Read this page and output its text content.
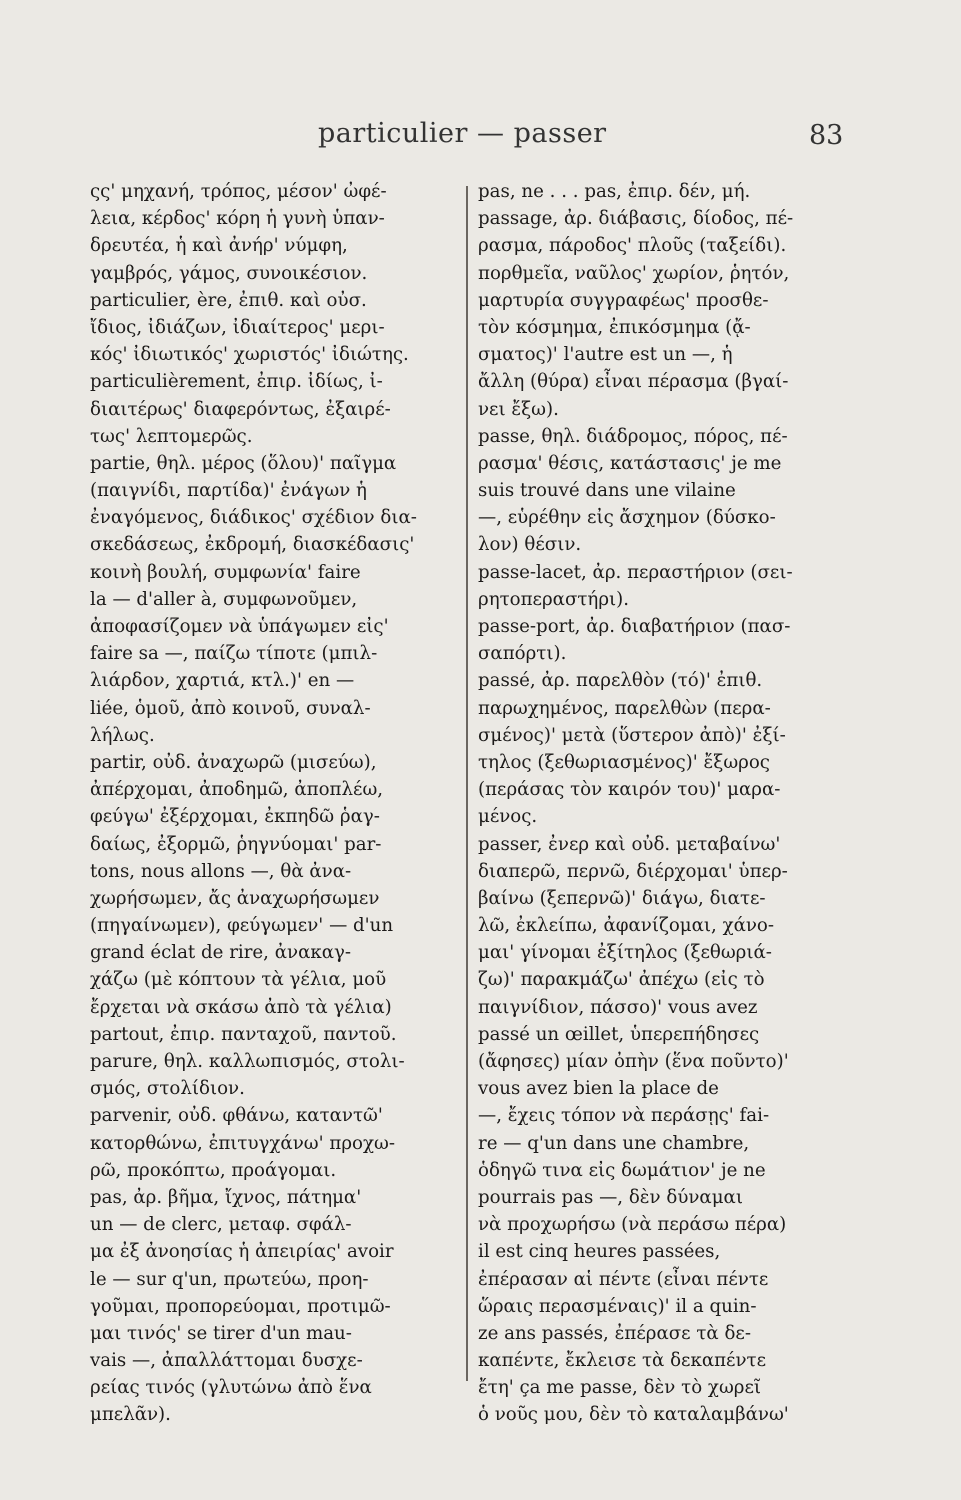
particulier — passer	83
ςς' μηχανή, τρόπος, μέσον' ὠφέ-
λεια, κέρδος' κόρη ἡ γυνὴ ὑπαν-
δρευτέα, ἡ καὶ ἀνήρ' νύμφη,
γαμβρός, γάμος, συνοικέσιον.
particulier, ère, ἐπιθ. καὶ οὐσ.
ἴδιος, ἰδιάζων, ἰδιαίτερος' μερι-
κός' ἰδιωτικός' χωριστός' ἰδιώτης.
particulièrement, ἐπιρ. ἰδίως, ἰ-
διαιτέρως' διαφερόντως, ἐξαιρέ-
τως' λεπτομερῶς.
partie, θηλ. μέρος (ὅλου)' παῖγμα
(παιγνίδι, παρτίδα)' ἐνάγων ἡ
ἐναγόμενος, διάδικος' σχέδιον δια-
σκεδάσεως, ἐκδρομή, διασκέδασις'
κοινὴ βουλή, συμφωνία' faire
la — d'aller à, συμφωνοῦμεν,
ἀποφασίζομεν νὰ ὑπάγωμεν εἰς'
faire sa —, παίζω τίποτε (μπιλ-
λιάρδον, χαρτιά, κτλ.)' en —
liée, ὁμοῦ, ἀπὸ κοινοῦ, συναλ-
λήλως.
partir, οὐδ. ἀναχωρῶ (μισεύω),
ἀπέρχομαι, ἀποδημῶ, ἀποπλέω,
φεύγω' ἐξέρχομαι, ἐκπηδῶ ῥαγ-
δαίως, ἐξορμῶ, ῥηγνύομαι' par-
tons, nous allons —, θὰ ἀνα-
χωρήσωμεν, ἄς ἀναχωρήσωμεν
(πηγαίνωμεν), φεύγωμεν' — d'un
grand éclat de rire, ἀνακαγ-
χάζω (μὲ κόπτουν τὰ γέλια, μοῦ
ἔρχεται νὰ σκάσω ἀπὸ τὰ γέλια)
partout, ἐπιρ. πανταχοῦ, παντοῦ.
parure, θηλ. καλλωπισμός, στολι-
σμός, στολίδιον.
parvenir, οὐδ. φθάνω, καταντῶ'
κατορθώνω, ἐπιτυγχάνω' προχω-
ρῶ, προκόπτω, προάγομαι.
pas, ἀρ. βῆμα, ἴχνος, πάτημα'
un — de clerc, μεταφ. σφάλ-
μα ἐξ ἀνοησίας ἡ ἀπειρίας' avoir
le — sur q'un, πρωτεύω, προη-
γοῦμαι, προπορεύομαι, προτιμῶ-
μαι τινός' se tirer d'un mau-
vais —, ἀπαλλάττομαι δυσχε-
ρείας τινός (γλυτώνω ἀπὸ ἕνα
μπελᾶν).
pas, ne . . . pas, ἐπιρ. δέν, μή.
passage, ἀρ. διάβασις, δίοδος, πέ-
ρασμα, πάροδος' πλοῦς (ταξείδι).
πορθμεῖα, ναῦλος' χωρίον, ῥητόν,
μαρτυρία συγγραφέως' προσθε-
τὸν κόσμημα, ἐπικόσμημα (ᾄ-
σματος)' l'autre est un —, ἡ
ἄλλη (θύρα) εἶναι πέρασμα (βγαί-
νει ἔξω).
passe, θηλ. διάδρομος, πόρος, πέ-
ρασμα' θέσις, κατάστασις' je me
suis trouvé dans une vilaine
—, εὑρέθην εἰς ἄσχημον (δύσκο-
λον) θέσιν.
passe-lacet, ἀρ. περαστήριον (σει-
ρητοπεραστήρι).
passe-port, ἀρ. διαβατήριον (πασ-
σαπόρτι).
passé, ἀρ. παρελθὸν (τό)' ἐπιθ.
παρωχημένος, παρελθὼν (περα-
σμένος)' μετὰ (ὕστερον ἀπὸ)' ἐξί-
τηλος (ξεθωριασμένος)' ἔξωρος
(περάσας τὸν καιρόν του)' μαρα-
μένος.
passer, ἐνερ καὶ οὐδ. μεταβαίνω'
διαπερῶ, περνῶ, διέρχομαι' ὑπερ-
βαίνω (ξεπερνῶ)' διάγω, διατε-
λῶ, ἐκλείπω, ἀφανίζομαι, χάνο-
μαι' γίνομαι ἐξίτηλος (ξεθωριά-
ζω)' παρακμάζω' ἀπέχω (εἰς τὸ
παιγνίδιον, πάσσο)' vous avez
passé un œillet, ὑπερεπήδησες
(ἄφησες) μίαν ὀπὴν (ἕνα ποῦντο)'
vous avez bien la place de
—, ἔχεις τόπον νὰ περάσῃς' fai-
re — q'un dans une chambre,
ὁδηγῶ τινα εἰς δωμάτιον' je ne
pourrais pas —, δὲν δύναμαι
νὰ προχωρήσω (νὰ περάσω πέρα)
il est cinq heures passées,
ἐπέρασαν αἱ πέντε (εἶναι πέντε
ὥραις περασμέναις)' il a quin-
ze ans passés, ἐπέρασε τὰ δε-
καπέντε, ἔκλεισε τὰ δεκαπέντε
ἔτη' ça me passe, δὲν τὸ χωρεῖ
ὁ νοῦς μου, δὲν τὸ καταλαμβάνω'
